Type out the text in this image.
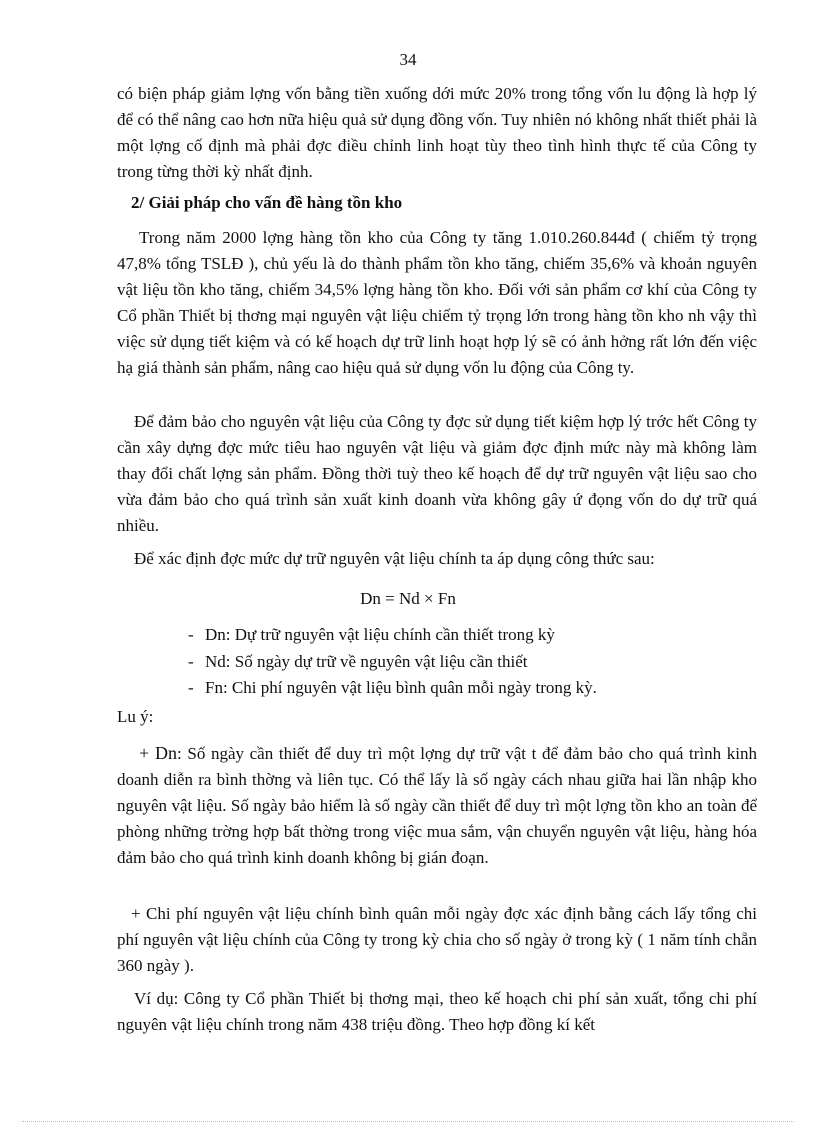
34

có biện pháp giảm lợng vốn bằng tiền xuống dới mức 20% trong tổng vốn lu động là hợp lý để có thể nâng cao hơn nữa hiệu quả sử dụng đồng vốn. Tuy nhiên nó không nhất thiết phải là một lợng cố định mà phải đợc điều chỉnh linh hoạt tùy theo tình hình thực tế của Công ty trong từng thời kỳ nhất định.

2/ Giải pháp cho vấn đề hàng tồn kho

Trong năm 2000 lợng hàng tồn kho của Công ty tăng 1.010.260.844đ ( chiếm tỷ trọng 47,8% tổng TSLĐ ), chủ yếu là do thành phẩm tồn kho tăng, chiếm 35,6% và khoản nguyên vật liệu tồn kho tăng, chiếm 34,5% lợng hàng tồn kho. Đối với sản phẩm cơ khí của Công ty Cổ phần Thiết bị thơng mại nguyên vật liệu chiếm tỷ trọng lớn trong hàng tồn kho nh vậy thì việc sử dụng tiết kiệm và có kế hoạch dự trữ linh hoạt hợp lý sẽ có ảnh hởng rất lớn đến việc hạ giá thành sản phẩm, nâng cao hiệu quả sử dụng vốn lu động của Công ty.

Để đảm bảo cho nguyên vật liệu của Công ty đợc sử dụng tiết kiệm hợp lý trớc hết Công ty cần xây dựng đợc mức tiêu hao nguyên vật liệu và giảm đợc định mức này mà không làm thay đổi chất lợng sản phẩm. Đồng thời tuỳ theo kế hoạch để dự trữ nguyên vật liệu sao cho vừa đảm bảo cho quá trình sản xuất kinh doanh vừa không gây ứ đọng vốn do dự trữ quá nhiều.

Để xác định đợc mức dự trữ nguyên vật liệu chính ta áp dụng công thức sau:

Dn = Nd × Fn

- Dn: Dự trữ nguyên vật liệu chính cần thiết trong kỳ
- Nd: Số ngày dự trữ về nguyên vật liệu cần thiết
- Fn: Chi phí nguyên vật liệu bình quân mỗi ngày trong kỳ.

Lu ý:

+ Dn: Số ngày cần thiết để duy trì một lợng dự trữ vật t để đảm bảo cho quá trình kinh doanh diễn ra bình thờng và liên tục. Có thể lấy là số ngày cách nhau giữa hai lần nhập kho nguyên vật liệu. Số ngày bảo hiểm là số ngày cần thiết để duy trì một lợng tồn kho an toàn để phòng những trờng hợp bất thờng trong việc mua sắm, vận chuyển nguyên vật liệu, hàng hóa đảm bảo cho quá trình kinh doanh không bị gián đoạn.

+ Chi phí nguyên vật liệu chính bình quân mỗi ngày đợc xác định bằng cách lấy tổng chi phí nguyên vật liệu chính của Công ty trong kỳ chia cho số ngày ở trong kỳ ( 1 năm tính chẵn 360 ngày ).

Ví dụ: Công ty Cổ phần Thiết bị thơng mại, theo kế hoạch chi phí sản xuất, tổng chi phí nguyên vật liệu chính trong năm 438 triệu đồng. Theo hợp đồng kí kết
